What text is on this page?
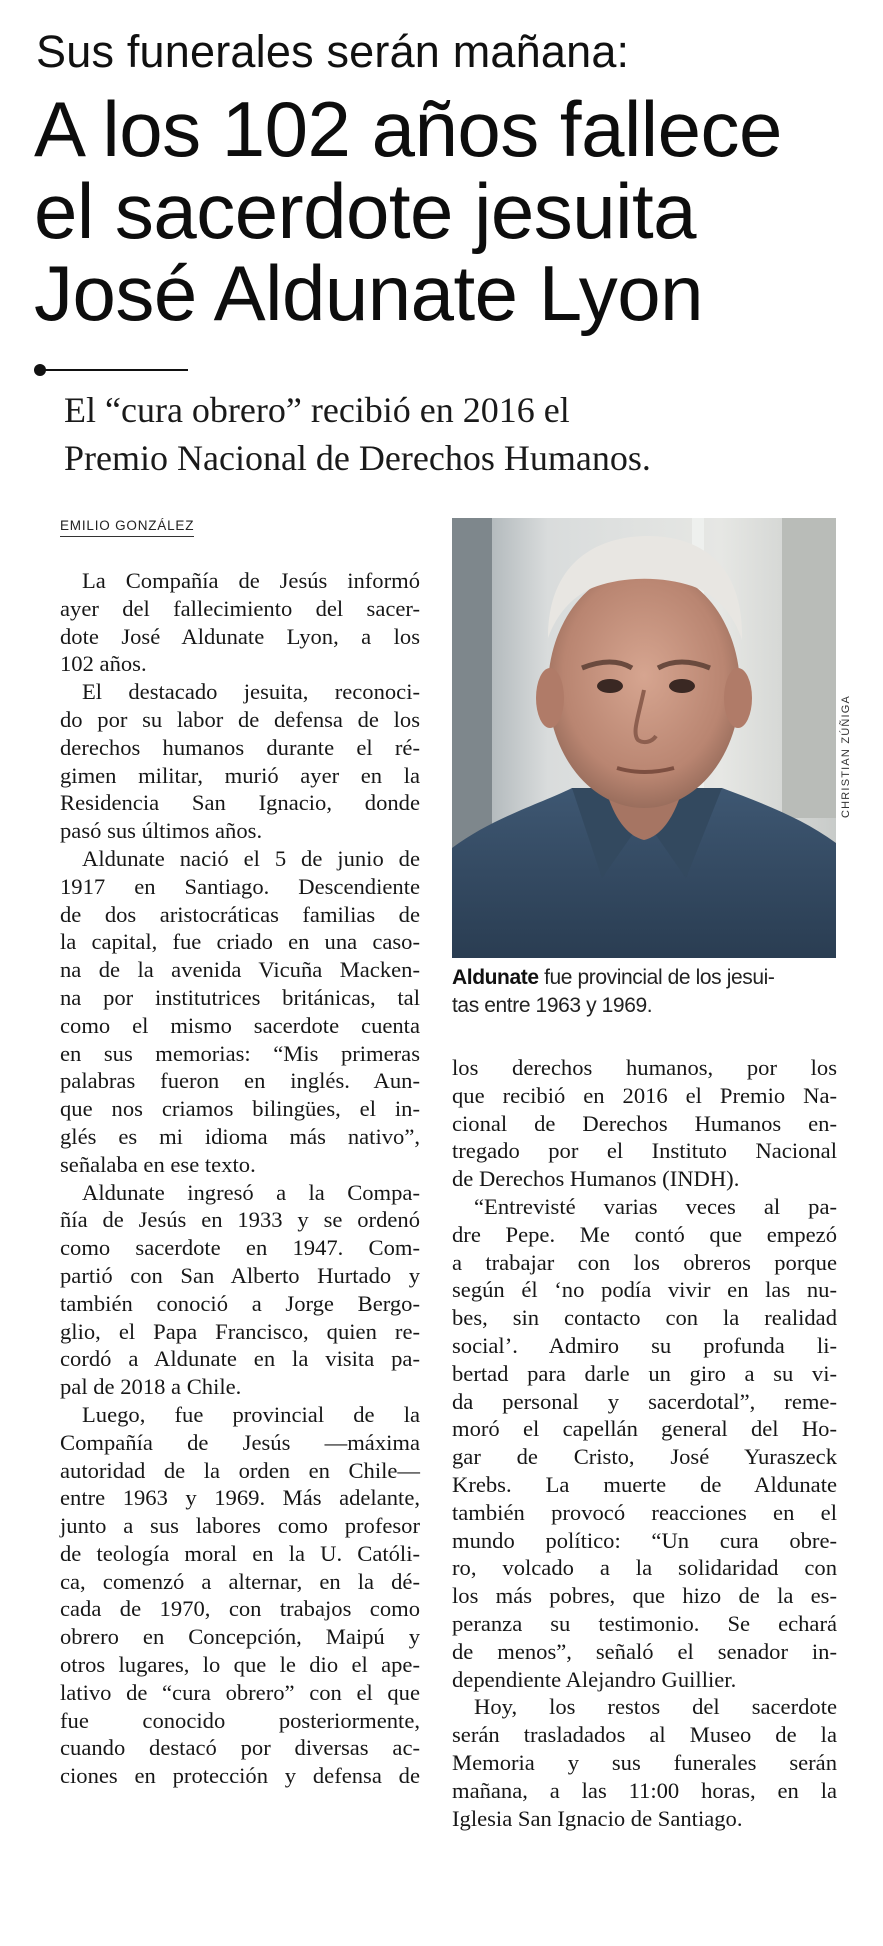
Sus funerales serán mañana:
A los 102 años fallece
el sacerdote jesuita
José Aldunate Lyon
El “cura obrero” recibió en 2016 el
Premio Nacional de Derechos Humanos.
EMILIO GONZÁLEZ
La Compañía de Jesús informó
ayer del fallecimiento del sacer-
dote José Aldunate Lyon, a los
102 años.
El destacado jesuita, reconoci-
do por su labor de defensa de los
derechos humanos durante el ré-
gimen militar, murió ayer en la
Residencia San Ignacio, donde
pasó sus últimos años.
Aldunate nació el 5 de junio de
1917 en Santiago. Descendiente
de dos aristocráticas familias de
la capital, fue criado en una caso-
na de la avenida Vicuña Macken-
na por institutrices británicas, tal
como el mismo sacerdote cuenta
en sus memorias: “Mis primeras
palabras fueron en inglés. Aun-
que nos criamos bilingües, el in-
glés es mi idioma más nativo”,
señalaba en ese texto.
Aldunate ingresó a la Compa-
ñía de Jesús en 1933 y se ordenó
como sacerdote en 1947. Com-
partió con San Alberto Hurtado y
también conoció a Jorge Bergo-
glio, el Papa Francisco, quien re-
cordó a Aldunate en la visita pa-
pal de 2018 a Chile.
Luego, fue provincial de la
Compañía de Jesús —máxima
autoridad de la orden en Chile—
entre 1963 y 1969. Más adelante,
junto a sus labores como profesor
de teología moral en la U. Católi-
ca, comenzó a alternar, en la dé-
cada de 1970, con trabajos como
obrero en Concepción, Maipú y
otros lugares, lo que le dio el ape-
lativo de “cura obrero” con el que
fue conocido posteriormente,
cuando destacó por diversas ac-
ciones en protección y defensa de
CHRISTIAN ZÚÑIGA
Aldunate fue provincial de los jesui-
tas entre 1963 y 1969.
los derechos humanos, por los
que recibió en 2016 el Premio Na-
cional de Derechos Humanos en-
tregado por el Instituto Nacional
de Derechos Humanos (INDH).
“Entrevisté varias veces al pa-
dre Pepe. Me contó que empezó
a trabajar con los obreros porque
según él ‘no podía vivir en las nu-
bes, sin contacto con la realidad
social’. Admiro su profunda li-
bertad para darle un giro a su vi-
da personal y sacerdotal”, reme-
moró el capellán general del Ho-
gar de Cristo, José Yuraszeck
Krebs. La muerte de Aldunate
también provocó reacciones en el
mundo político: “Un cura obre-
ro, volcado a la solidaridad con
los más pobres, que hizo de la es-
peranza su testimonio. Se echará
de menos”, señaló el senador in-
dependiente Alejandro Guillier.
Hoy, los restos del sacerdote
serán trasladados al Museo de la
Memoria y sus funerales serán
mañana, a las 11:00 horas, en la
Iglesia San Ignacio de Santiago.
